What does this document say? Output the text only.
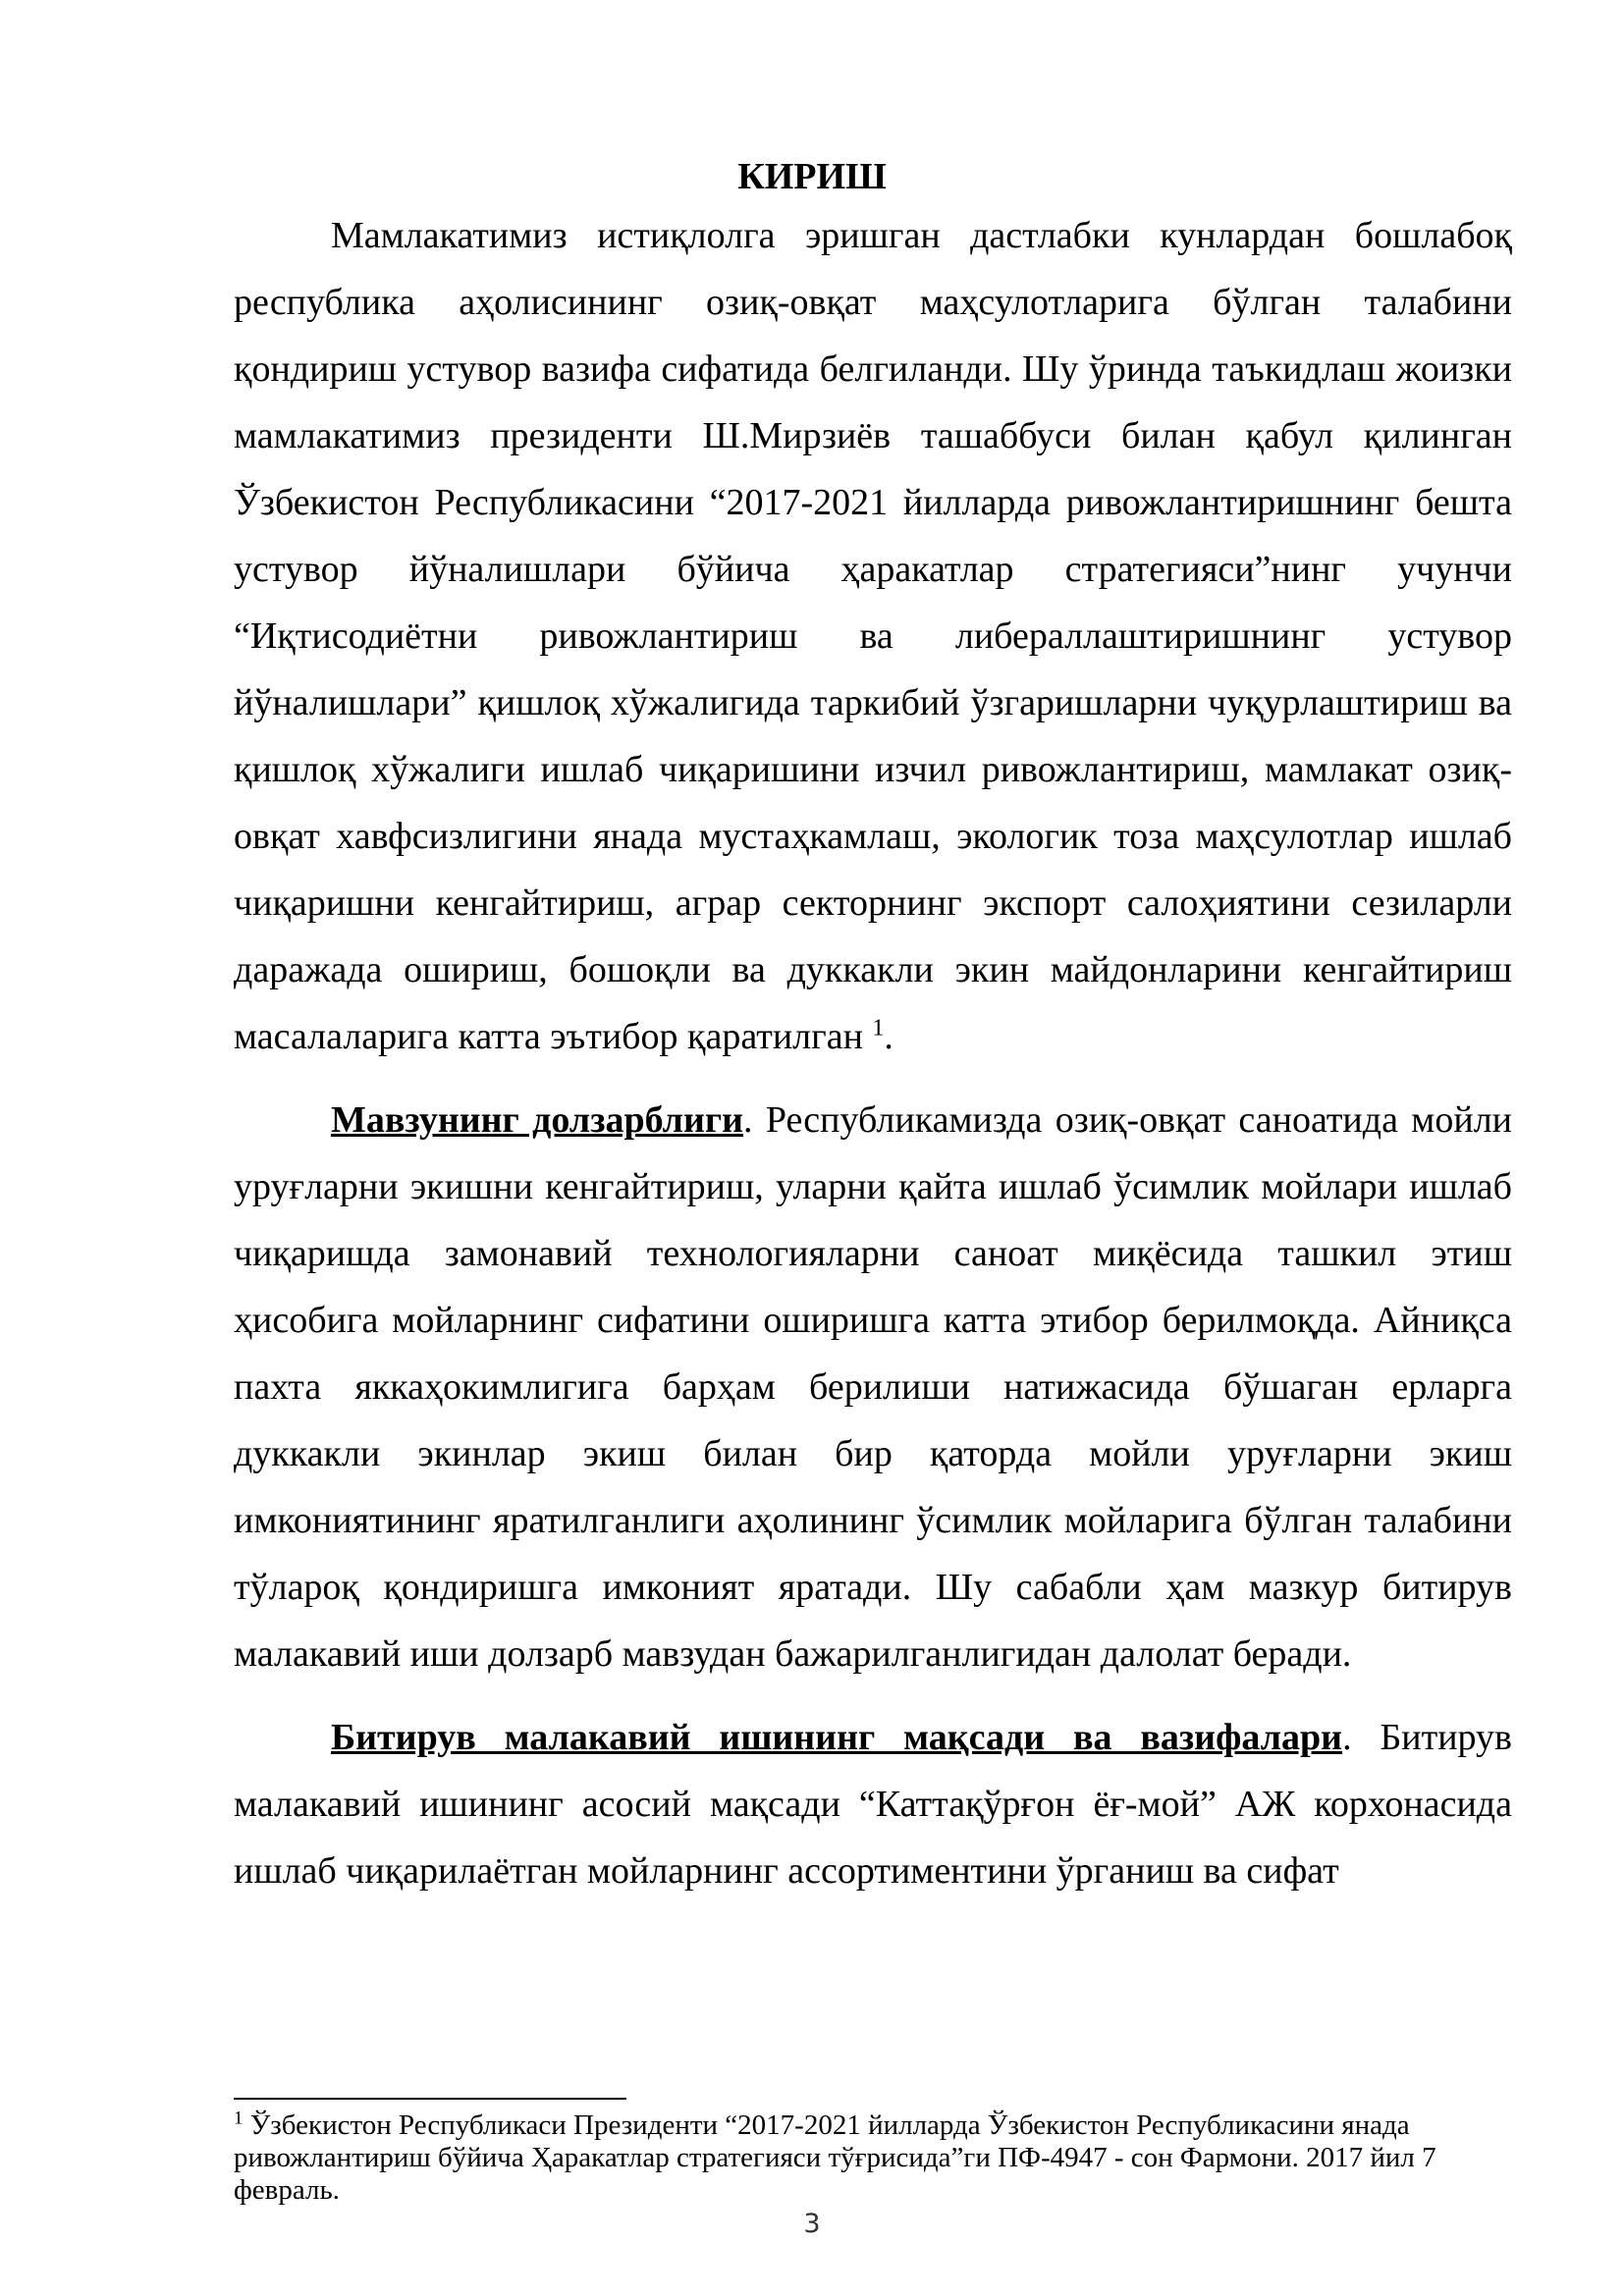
КИРИШ

Мамлакатимиз истиқлолга эришган дастлабки кунлардан бошлабоқ республика аҳолисининг озиқ-овқат маҳсулотларига бўлган талабини қондириш устувор вазифа сифатида белгиланди. Шу ўринда таъкидлаш жоизки мамлакатимиз президенти Ш.Мирзиёв ташаббуси билан қабул қилинган Ўзбекистон Республикасини “2017-2021 йилларда ривожлантиришнинг бешта устувор йўналишлари бўйича ҳаракатлар стратегияси”нинг учунчи “Иқтисодиётни ривожлантириш ва либераллаштиришнинг устувор йўналишлари” қишлоқ хўжалигида таркибий ўзгаришларни чуқурлаштириш ва қишлоқ хўжалиги ишлаб чиқаришини изчил ривожлантириш, мамлакат озиқ-овқат хавфсизлигини янада мустаҳкамлаш, экологик тоза маҳсулотлар ишлаб чиқаришни кенгайтириш, аграр секторнинг экспорт салоҳиятини сезиларли даражада ошириш, бошоқли ва дуккакли экин майдонларини кенгайтириш масалаларига катта эътибор қаратилган $^1$.

Мавзунинг долзарблиги. Республикамизда озиқ-овқат саноатида мойли уруғларни экишни кенгайтириш, уларни қайта ишлаб ўсимлик мойлари ишлаб чиқаришда замонавий технологияларни саноат миқёсида ташкил этиш ҳисобига мойларнинг сифатини оширишга катта этибор берилмоқда. Айниқса пахта яккаҳокимлигига барҳам берилиши натижасида бўшаган ерларга дуккакли экинлар экиш билан бир қаторда мойли уруғларни экиш имкониятининг яратилганлиги аҳолининг ўсимлик мойларига бўлган талабини тўлароқ қондиришга имконият яратади. Шу сабабли ҳам мазкур битирув малакавий иши долзарб мавзудан бажарилганлигидан далолат беради.

Битирув малакавий ишининг мақсади ва вазифалари. Битирув малакавий ишининг асосий мақсади “Каттақўрғон ёғ-мой” АЖ корхонасида ишлаб чиқарилаётган мойларнинг ассортиментини ўрганиш ва сифат

$^1$ Ўзбекистон Республикаси Президенти “2017-2021 йилларда Ўзбекистон Республикасини янада ривожлантириш бўйича Ҳаракатлар стратегияси тўғрисида”ги ПФ-4947 - сон Фармони. 2017 йил 7 февраль.

3
